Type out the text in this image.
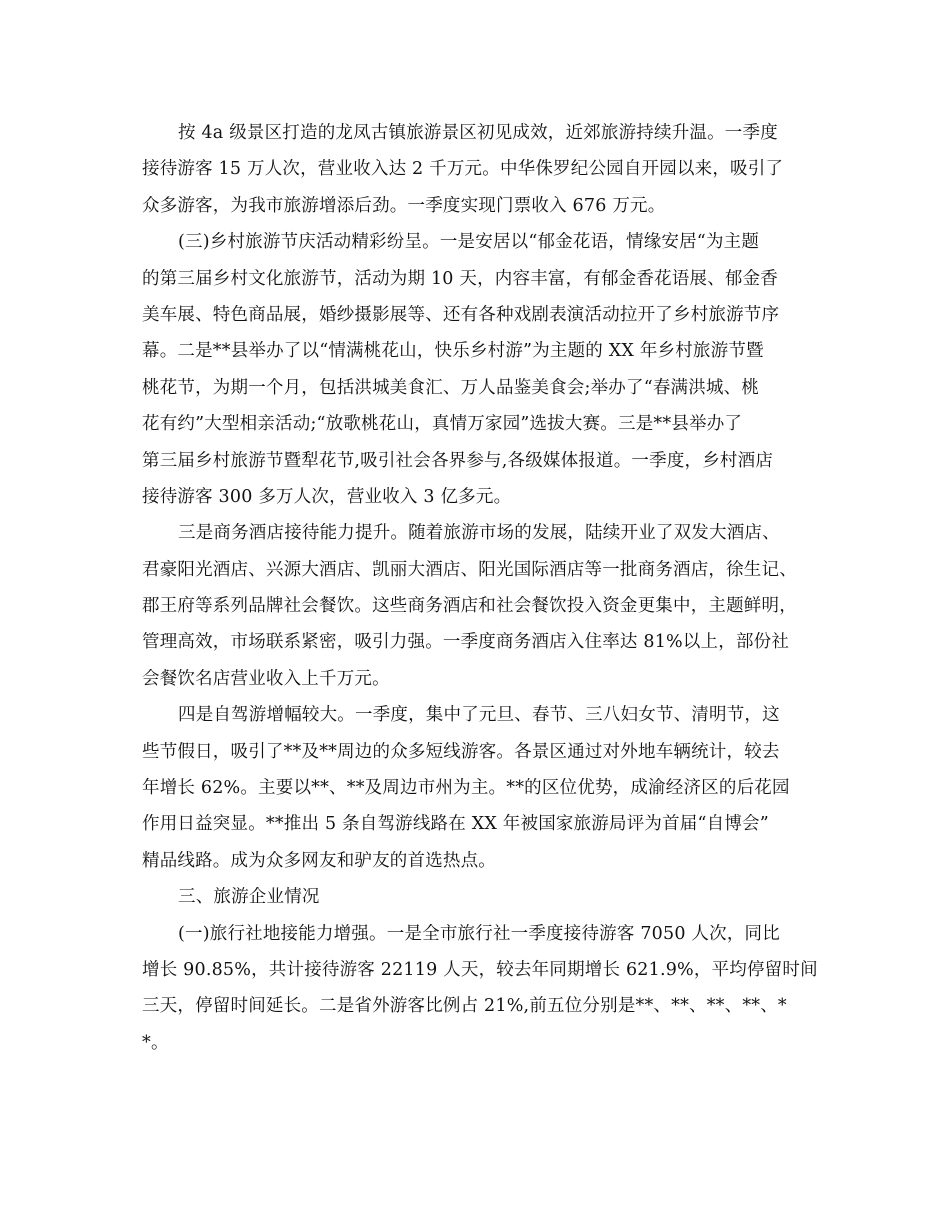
按 4a 级景区打造的龙凤古镇旅游景区初见成效，近郊旅游持续升温。一季度
接待游客 15 万人次，营业收入达 2 千万元。中华侏罗纪公园自开园以来，吸引了
众多游客，为我市旅游增添后劲。一季度实现门票收入 676 万元。
(三)乡村旅游节庆活动精彩纷呈。一是安居以“郁金花语，情缘安居“为主题
的第三届乡村文化旅游节，活动为期 10 天，内容丰富，有郁金香花语展、郁金香
美车展、特色商品展，婚纱摄影展等、还有各种戏剧表演活动拉开了乡村旅游节序
幕。二是**县举办了以“情满桃花山，快乐乡村游”为主题的 XX 年乡村旅游节暨
桃花节，为期一个月，包括洪城美食汇、万人品鉴美食会;举办了“春满洪城、桃
花有约”大型相亲活动;“放歌桃花山，真情万家园”选拔大赛。三是**县举办了
第三届乡村旅游节暨犁花节,吸引社会各界参与,各级媒体报道。一季度，乡村酒店
接待游客 300 多万人次，营业收入 3 亿多元。
三是商务酒店接待能力提升。随着旅游市场的发展，陆续开业了双发大酒店、
君豪阳光酒店、兴源大酒店、凯丽大酒店、阳光国际酒店等一批商务酒店，徐生记、
郡王府等系列品牌社会餐饮。这些商务酒店和社会餐饮投入资金更集中，主题鲜明，
管理高效，市场联系紧密，吸引力强。一季度商务酒店入住率达 81%以上，部份社
会餐饮名店营业收入上千万元。
四是自驾游增幅较大。一季度，集中了元旦、春节、三八妇女节、清明节，这
些节假日，吸引了**及**周边的众多短线游客。各景区通过对外地车辆统计，较去
年增长 62%。主要以**、**及周边市州为主。**的区位优势，成渝经济区的后花园
作用日益突显。**推出 5 条自驾游线路在 XX 年被国家旅游局评为首届“自博会”
精品线路。成为众多网友和驴友的首选热点。
三、旅游企业情况
(一)旅行社地接能力增强。一是全市旅行社一季度接待游客 7050 人次，同比
增长 90.85%，共计接待游客 22119 人天，较去年同期增长 621.9%，平均停留时间
三天，停留时间延长。二是省外游客比例占 21%,前五位分别是**、**、**、**、*
*。
